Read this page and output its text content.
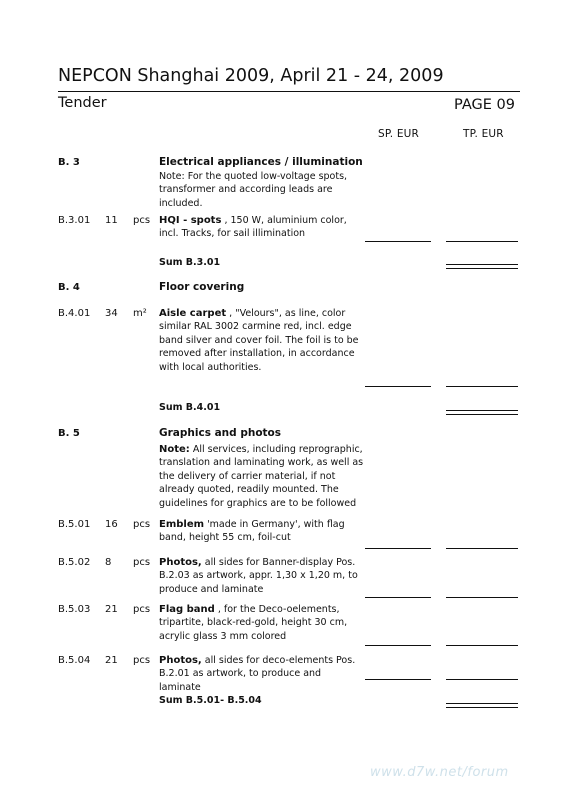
NEPCON Shanghai 2009, April 21 - 24, 2009
Tender	PAGE 09
SP. EUR	TP. EUR
B. 3	Electrical appliances / illumination
Note: For the quoted low-voltage spots, transformer and according leads are included.
B.3.01 11 pcs HQI - spots , 150 W, aluminium color, incl. Tracks, for sail illimination
Sum B.3.01
B. 4	Floor covering
B.4.01 34 m² Aisle carpet , "Velours", as line, color similar RAL 3002 carmine red, incl. edge band silver and cover foil. The foil is to be removed after installation, in accordance with local authorities.
Sum B.4.01
B. 5	Graphics and photos
Note: All services, including reprographic, translation and laminating work, as well as the delivery of carrier material, if not already quoted, readily mounted. The guidelines for graphics are to be followed
B.5.01 16 pcs Emblem 'made in Germany', with flag band, height 55 cm, foil-cut
B.5.02 8 pcs Photos, all sides for Banner-display Pos. B.2.03 as artwork, appr. 1,30 x 1,20 m, to produce and laminate
B.5.03 21 pcs Flag band , for the Deco-oelements, tripartite, black-red-gold, height 30 cm, acrylic glass 3 mm colored
B.5.04 21 pcs Photos, all sides for deco-elements Pos. B.2.01 as artwork, to produce and laminate
Sum B.5.01- B.5.04
www.d7w.net/forum
